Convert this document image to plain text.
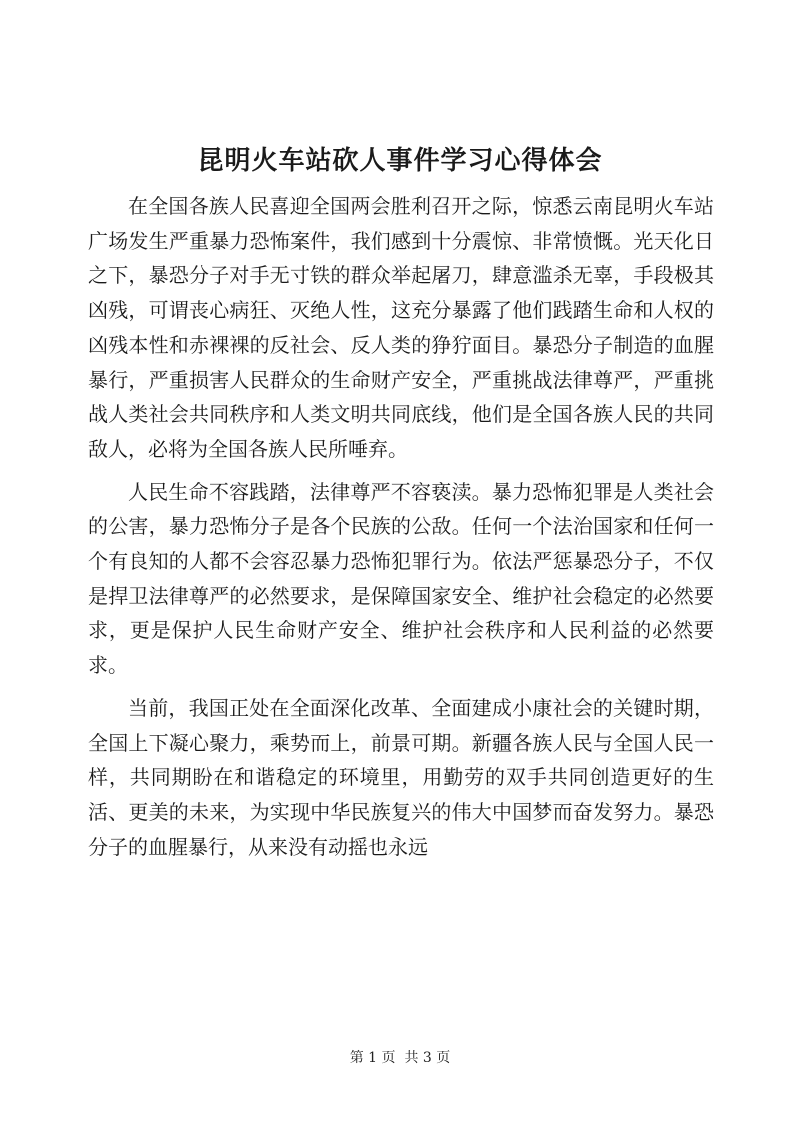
昆明火车站砍人事件学习心得体会

在全国各族人民喜迎全国两会胜利召开之际，惊悉云南昆明火车站广场发生严重暴力恐怖案件，我们感到十分震惊、非常愤慨。光天化日之下，暴恐分子对手无寸铁的群众举起屠刀，肆意滥杀无辜，手段极其凶残，可谓丧心病狂、灭绝人性，这充分暴露了他们践踏生命和人权的凶残本性和赤裸裸的反社会、反人类的狰狞面目。暴恐分子制造的血腥暴行，严重损害人民群众的生命财产安全，严重挑战法律尊严，严重挑战人类社会共同秩序和人类文明共同底线，他们是全国各族人民的共同敌人，必将为全国各族人民所唾弃。

人民生命不容践踏，法律尊严不容亵渎。暴力恐怖犯罪是人类社会的公害，暴力恐怖分子是各个民族的公敌。任何一个法治国家和任何一个有良知的人都不会容忍暴力恐怖犯罪行为。依法严惩暴恐分子，不仅是捍卫法律尊严的必然要求，是保障国家安全、维护社会稳定的必然要求，更是保护人民生命财产安全、维护社会秩序和人民利益的必然要求。

当前，我国正处在全面深化改革、全面建成小康社会的关键时期，全国上下凝心聚力，乘势而上，前景可期。新疆各族人民与全国人民一样，共同期盼在和谐稳定的环境里，用勤劳的双手共同创造更好的生活、更美的未来，为实现中华民族复兴的伟大中国梦而奋发努力。暴恐分子的血腥暴行，从来没有动摇也永远

第 1 页  共 3 页
